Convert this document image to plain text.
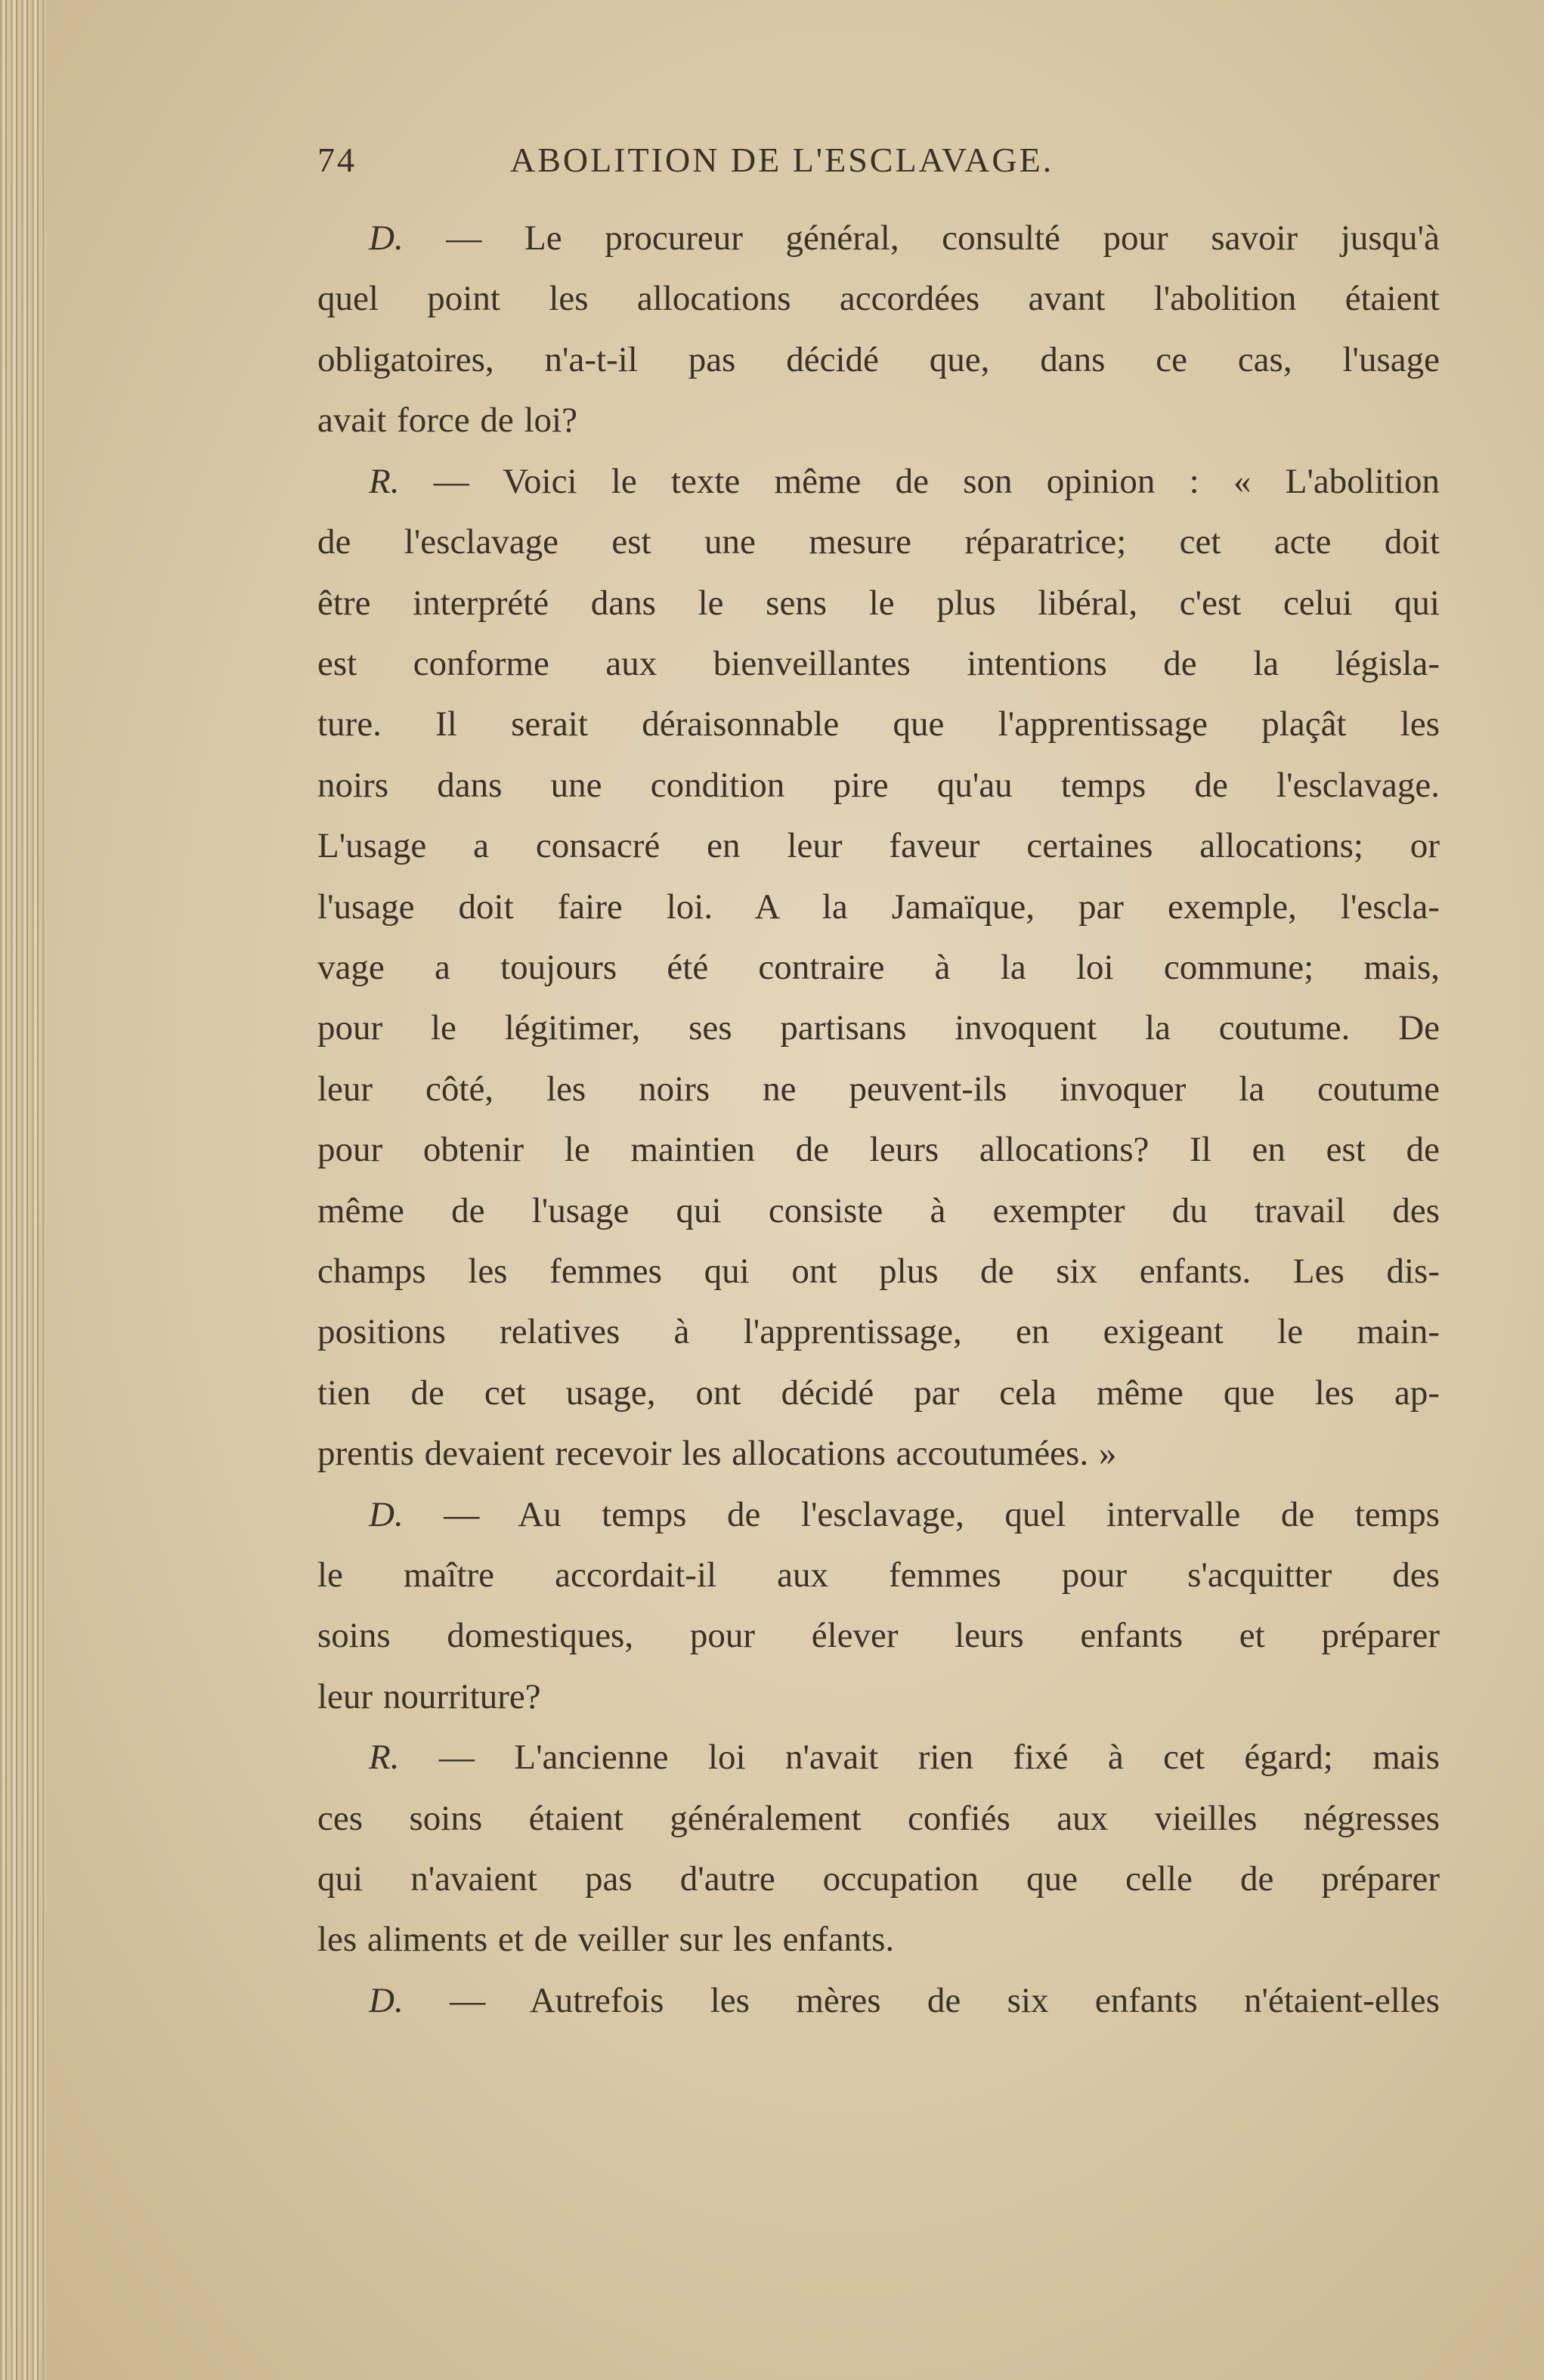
74	ABOLITION DE L'ESCLAVAGE.
D. — Le procureur général, consulté pour savoir jusqu'à
quel point les allocations accordées avant l'abolition étaient
obligatoires, n'a-t-il pas décidé que, dans ce cas, l'usage
avait force de loi?
R. — Voici le texte même de son opinion : « L'abolition
de l'esclavage est une mesure réparatrice; cet acte doit
être interprété dans le sens le plus libéral, c'est celui qui
est conforme aux bienveillantes intentions de la législa-
ture. Il serait déraisonnable que l'apprentissage plaçât les
noirs dans une condition pire qu'au temps de l'esclavage.
L'usage a consacré en leur faveur certaines allocations; or
l'usage doit faire loi. A la Jamaïque, par exemple, l'escla-
vage a toujours été contraire à la loi commune; mais,
pour le légitimer, ses partisans invoquent la coutume. De
leur côté, les noirs ne peuvent-ils invoquer la coutume
pour obtenir le maintien de leurs allocations? Il en est de
même de l'usage qui consiste à exempter du travail des
champs les femmes qui ont plus de six enfants. Les dis-
positions relatives à l'apprentissage, en exigeant le main-
tien de cet usage, ont décidé par cela même que les ap-
prentis devaient recevoir les allocations accoutumées. »
D. — Au temps de l'esclavage, quel intervalle de temps
le maître accordait-il aux femmes pour s'acquitter des
soins domestiques, pour élever leurs enfants et préparer
leur nourriture?
R. — L'ancienne loi n'avait rien fixé à cet égard; mais
ces soins étaient généralement confiés aux vieilles négresses
qui n'avaient pas d'autre occupation que celle de préparer
les aliments et de veiller sur les enfants.
D. — Autrefois les mères de six enfants n'étaient-elles
